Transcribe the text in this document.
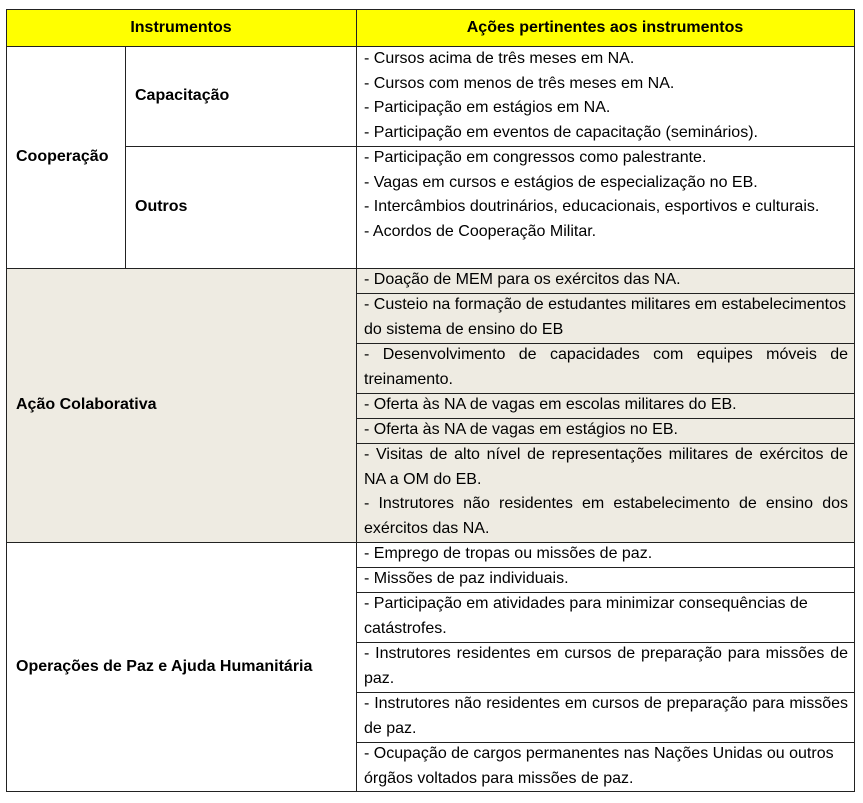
Instrumentos	Ações pertinentes aos instrumentos
Cooperação
Capacitação

- Cursos acima de três meses em NA.

- Cursos com menos de três meses em NA.

- Participação em estágios em NA.

- Participação em eventos de capacitação (seminários).

Outros

- Participação em congressos como palestrante.

- Vagas em cursos e estágios de especialização no EB.

- Intercâmbios doutrinários, educacionais, esportivos e culturais.

- Acordos de Cooperação Militar.

Ação Colaborativa

- Doação de MEM para os exércitos das NA.

- Custeio na formação de estudantes militares em estabelecimentos do sistema de ensino do EB

- Desenvolvimento de capacidades com equipes móveis de treinamento.

- Oferta às NA de vagas em escolas militares do EB.

- Oferta às NA de vagas em estágios no EB.

- Visitas de alto nível de representações militares de exércitos de NA a OM do EB.

- Instrutores não residentes em estabelecimento de ensino dos exércitos das NA.

Operações de Paz e Ajuda Humanitária

- Emprego de tropas ou missões de paz.

- Missões de paz individuais.

- Participação em atividades para minimizar consequências de catástrofes.

- Instrutores residentes em cursos de preparação para missões de paz.

- Instrutores não residentes em cursos de preparação para missões de paz.

- Ocupação de cargos permanentes nas Nações Unidas ou outros órgãos voltados para missões de paz.
